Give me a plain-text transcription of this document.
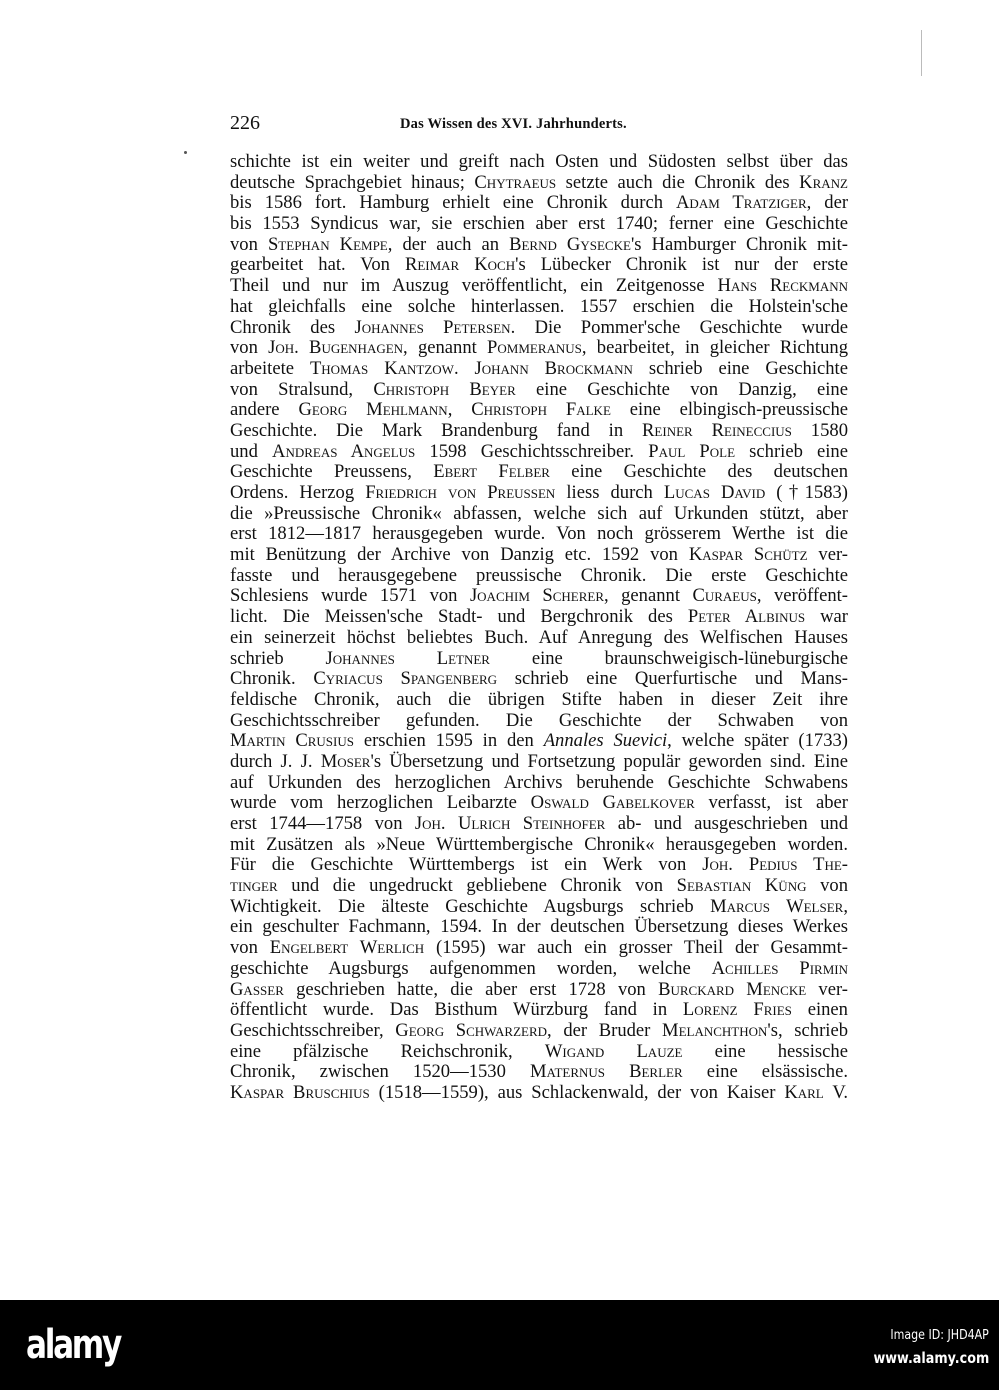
226	Das Wissen des XVI. Jahrhunderts.
schichte ist ein weiter und greift nach Osten und Südosten selbst über das
deutsche Sprachgebiet hinaus; Chytraeus setzte auch die Chronik des Kranz
bis 1586 fort. Hamburg erhielt eine Chronik durch Adam Tratziger, der
bis 1553 Syndicus war, sie erschien aber erst 1740; ferner eine Geschichte
von Stephan Kempe, der auch an Bernd Gysecke's Hamburger Chronik mit-
gearbeitet hat. Von Reimar Koch's Lübecker Chronik ist nur der erste
Theil und nur im Auszug veröffentlicht, ein Zeitgenosse Hans Reckmann
hat gleichfalls eine solche hinterlassen. 1557 erschien die Holstein'sche
Chronik des Johannes Petersen. Die Pommer'sche Geschichte wurde
von Joh. Bugenhagen, genannt Pommeranus, bearbeitet, in gleicher Richtung
arbeitete Thomas Kantzow. Johann Brockmann schrieb eine Geschichte
von Stralsund, Christoph Beyer eine Geschichte von Danzig, eine
andere Georg Mehlmann, Christoph Falke eine elbingisch-preussische
Geschichte. Die Mark Brandenburg fand in Reiner Reineccius 1580
und Andreas Angelus 1598 Geschichtsschreiber. Paul Pole schrieb eine
Geschichte Preussens, Ebert Felber eine Geschichte des deutschen
Ordens. Herzog Friedrich von Preussen liess durch Lucas David (†1583)
die »Preussische Chronik« abfassen, welche sich auf Urkunden stützt, aber
erst 1812—1817 herausgegeben wurde. Von noch grösserem Werthe ist die
mit Benützung der Archive von Danzig etc. 1592 von Kaspar Schütz ver-
fasste und herausgegebene preussische Chronik. Die erste Geschichte
Schlesiens wurde 1571 von Joachim Scherer, genannt Curaeus, veröffent-
licht. Die Meissen'sche Stadt- und Bergchronik des Peter Albinus war
ein seinerzeit höchst beliebtes Buch. Auf Anregung des Welfischen Hauses
schrieb Johannes Letner eine braunschweigisch-lüneburgische
Chronik. Cyriacus Spangenberg schrieb eine Querfurtische und Mans-
feldische Chronik, auch die übrigen Stifte haben in dieser Zeit ihre
Geschichtsschreiber gefunden. Die Geschichte der Schwaben von
Martin Crusius erschien 1595 in den Annales Suevici, welche später (1733)
durch J. J. Moser's Übersetzung und Fortsetzung populär geworden sind. Eine
auf Urkunden des herzoglichen Archivs beruhende Geschichte Schwabens
wurde vom herzoglichen Leibarzte Oswald Gabelkover verfasst, ist aber
erst 1744—1758 von Joh. Ulrich Steinhofer ab- und ausgeschrieben und
mit Zusätzen als »Neue Württembergische Chronik« herausgegeben worden.
Für die Geschichte Württembergs ist ein Werk von Joh. Pedius The-
tinger und die ungedruckt gebliebene Chronik von Sebastian Küng von
Wichtigkeit. Die älteste Geschichte Augsburgs schrieb Marcus Welser,
ein geschulter Fachmann, 1594. In der deutschen Übersetzung dieses Werkes
von Engelbert Werlich (1595) war auch ein grosser Theil der Gesammt-
geschichte Augsburgs aufgenommen worden, welche Achilles Pirmin
Gasser geschrieben hatte, die aber erst 1728 von Burckard Mencke ver-
öffentlicht wurde. Das Bisthum Würzburg fand in Lorenz Fries einen
Geschichtsschreiber, Georg Schwarzerd, der Bruder Melanchthon's, schrieb
eine pfälzische Reichschronik, Wigand Lauze eine hessische
Chronik, zwischen 1520—1530 Maternus Berler eine elsässische.
Kaspar Bruschius (1518—1559), aus Schlackenwald, der von Kaiser Karl V.
alamy	Image ID: JHD4AP
www.alamy.com
